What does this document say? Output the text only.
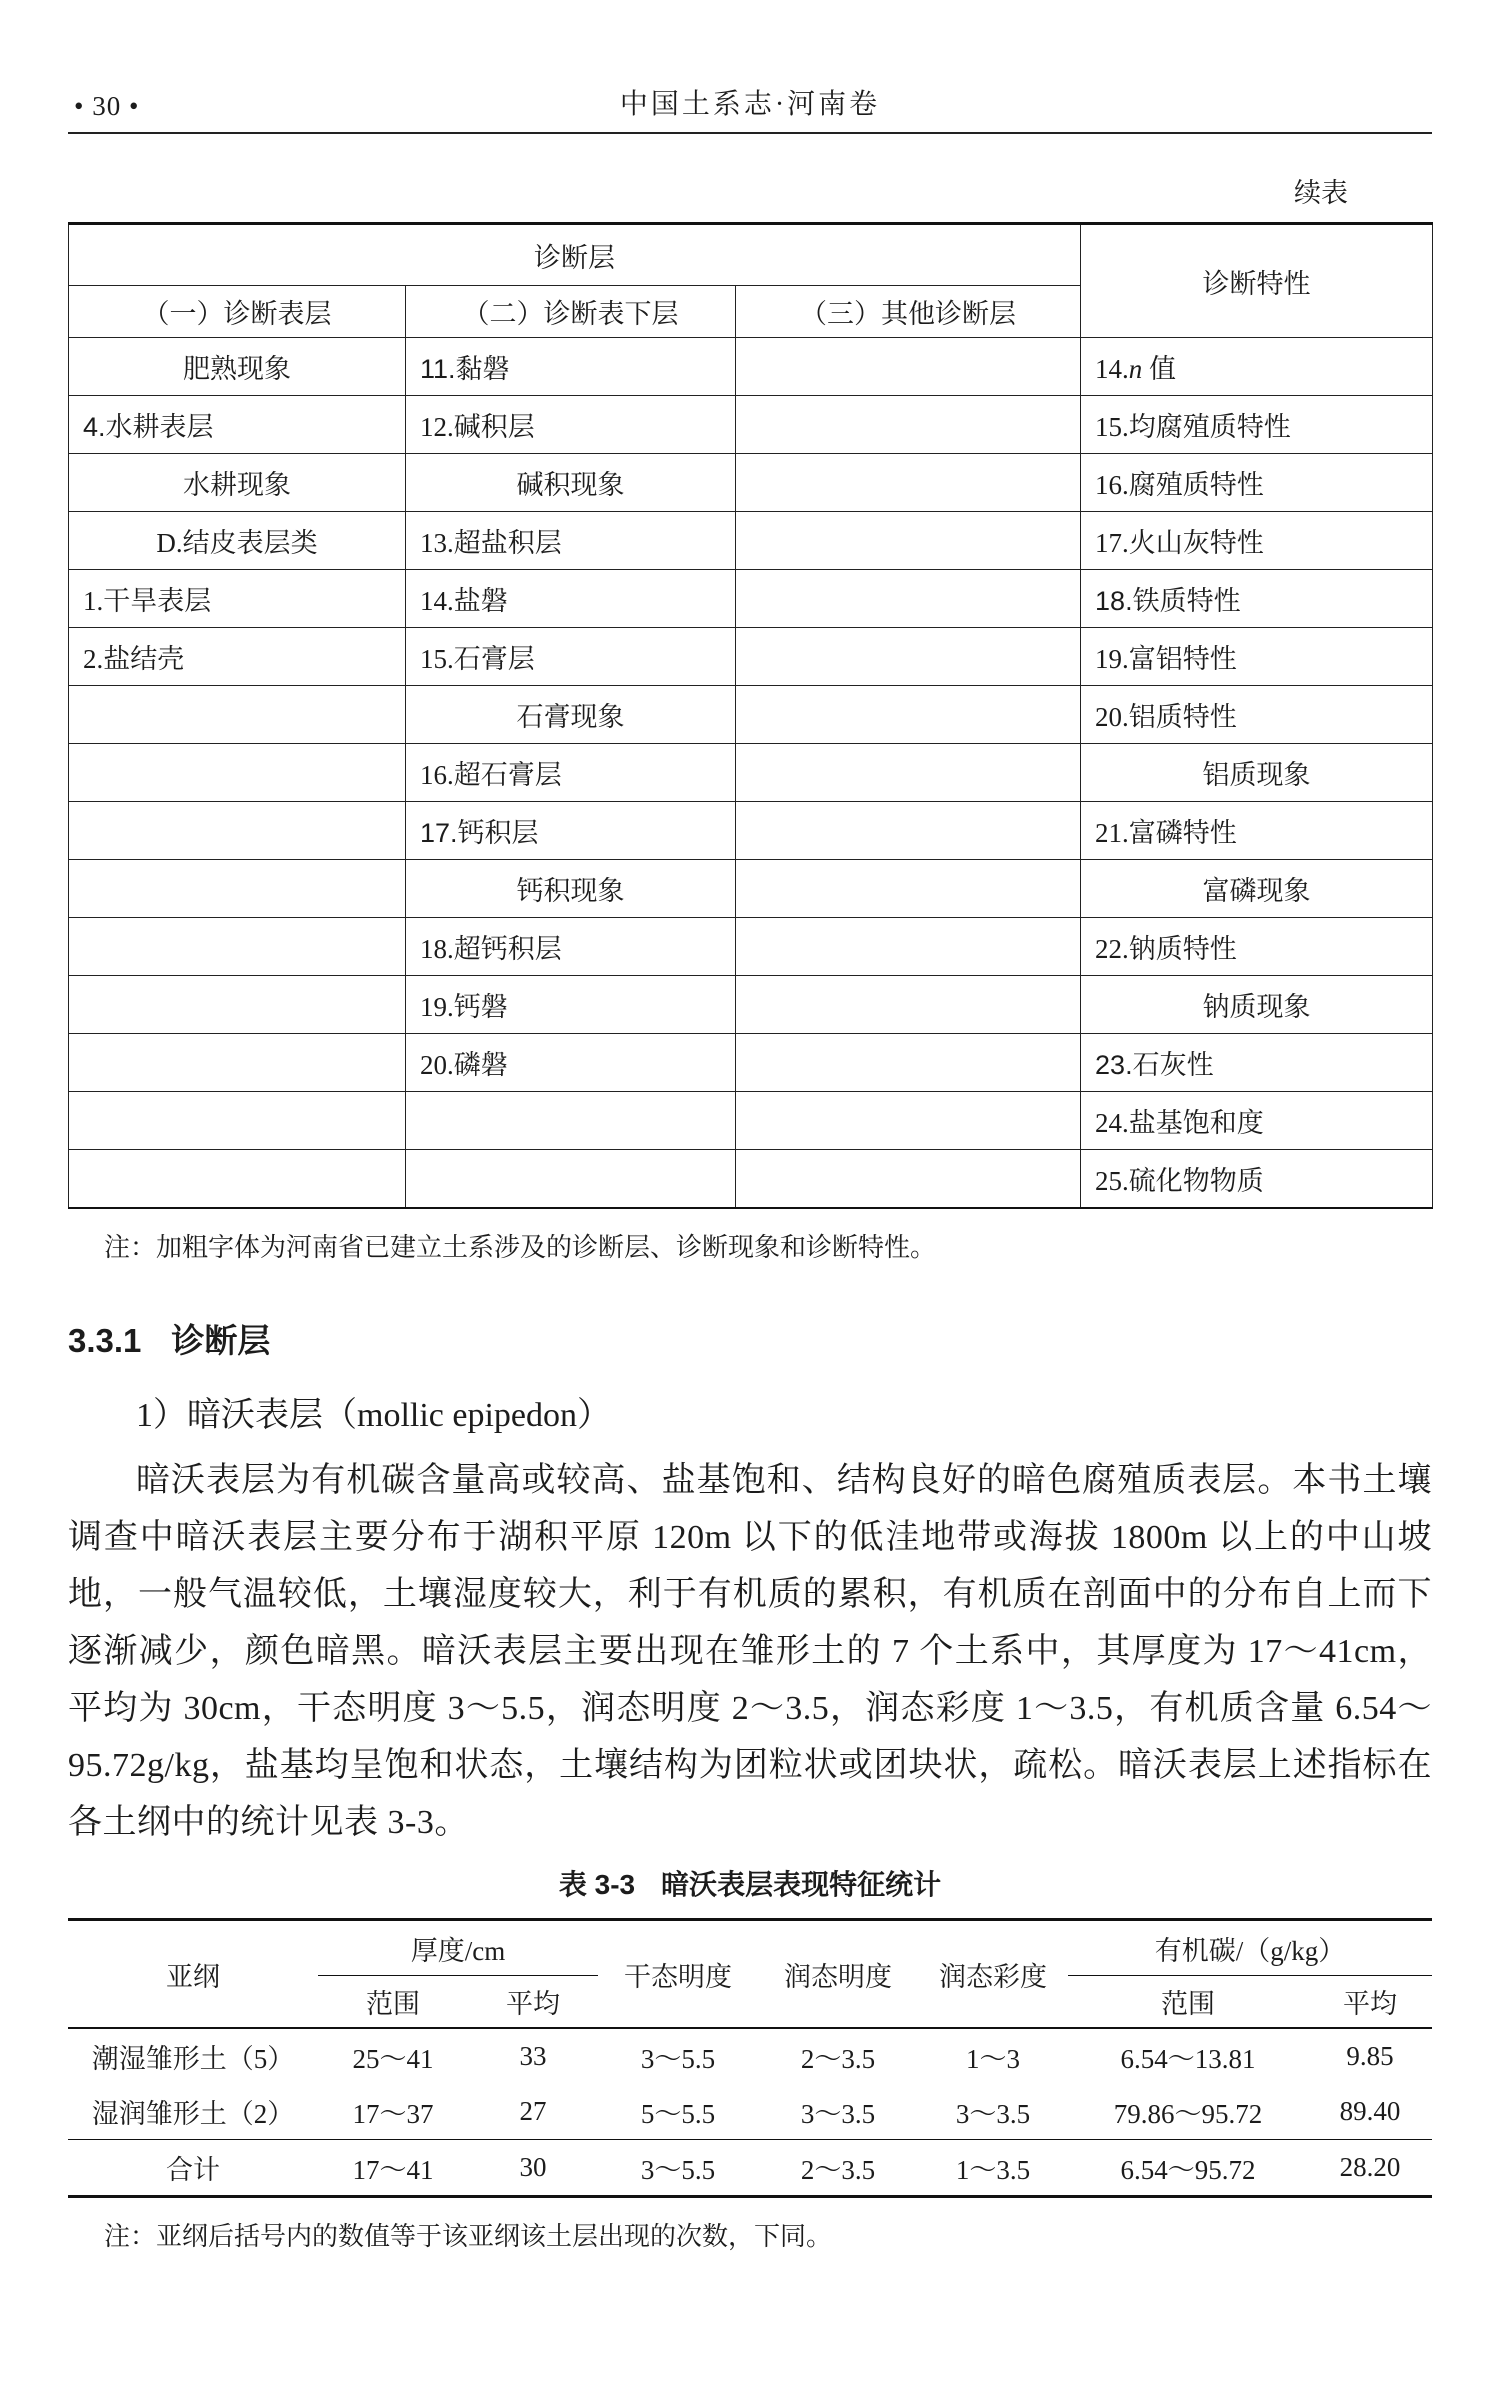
• 30 •	中国土系志·河南卷
续表
诊断层			诊断特性
（一）诊断表层	（二）诊断表下层	（三）其他诊断层	
肥熟现象	11.黏磐		14.n 值
4.水耕表层	12.碱积层		15.均腐殖质特性
水耕现象	碱积现象		16.腐殖质特性
D.结皮表层类	13.超盐积层		17.火山灰特性
1.干旱表层	14.盐磐		18.铁质特性
2.盐结壳	15.石膏层		19.富铝特性
	石膏现象		20.铝质特性
	16.超石膏层		铝质现象
	17.钙积层		21.富磷特性
	钙积现象		富磷现象
	18.超钙积层		22.钠质特性
	19.钙磐		钠质现象
	20.磷磐		23.石灰性
			24.盐基饱和度
			25.硫化物物质

注：加粗字体为河南省已建立土系涉及的诊断层、诊断现象和诊断特性。

3.3.1 诊断层

1）暗沃表层（mollic epipedon）

暗沃表层为有机碳含量高或较高、盐基饱和、结构良好的暗色腐殖质表层。本书土壤调查中暗沃表层主要分布于湖积平原 120m 以下的低洼地带或海拔 1800m 以上的中山坡地，一般气温较低，土壤湿度较大，利于有机质的累积，有机质在剖面中的分布自上而下逐渐减少，颜色暗黑。暗沃表层主要出现在雏形土的 7 个土系中，其厚度为 17～41cm，平均为 30cm，干态明度 3～5.5，润态明度 2～3.5，润态彩度 1～3.5，有机质含量 6.54～95.72g/kg，盐基均呈饱和状态，土壤结构为团粒状或团块状，疏松。暗沃表层上述指标在各土纲中的统计见表 3-3。

表 3-3 暗沃表层表现特征统计

亚纲	厚度/cm		干态明度	润态明度	润态彩度	有机碳/（g/kg）	
	范围	平均				范围	平均
潮湿雏形土（5）	25～41	33	3～5.5	2～3.5	1～3	6.54～13.81	9.85
湿润雏形土（2）	17～37	27	5～5.5	3～3.5	3～3.5	79.86～95.72	89.40
合计	17～41	30	3～5.5	2～3.5	1～3.5	6.54～95.72	28.20

注：亚纲后括号内的数值等于该亚纲该土层出现的次数，下同。
